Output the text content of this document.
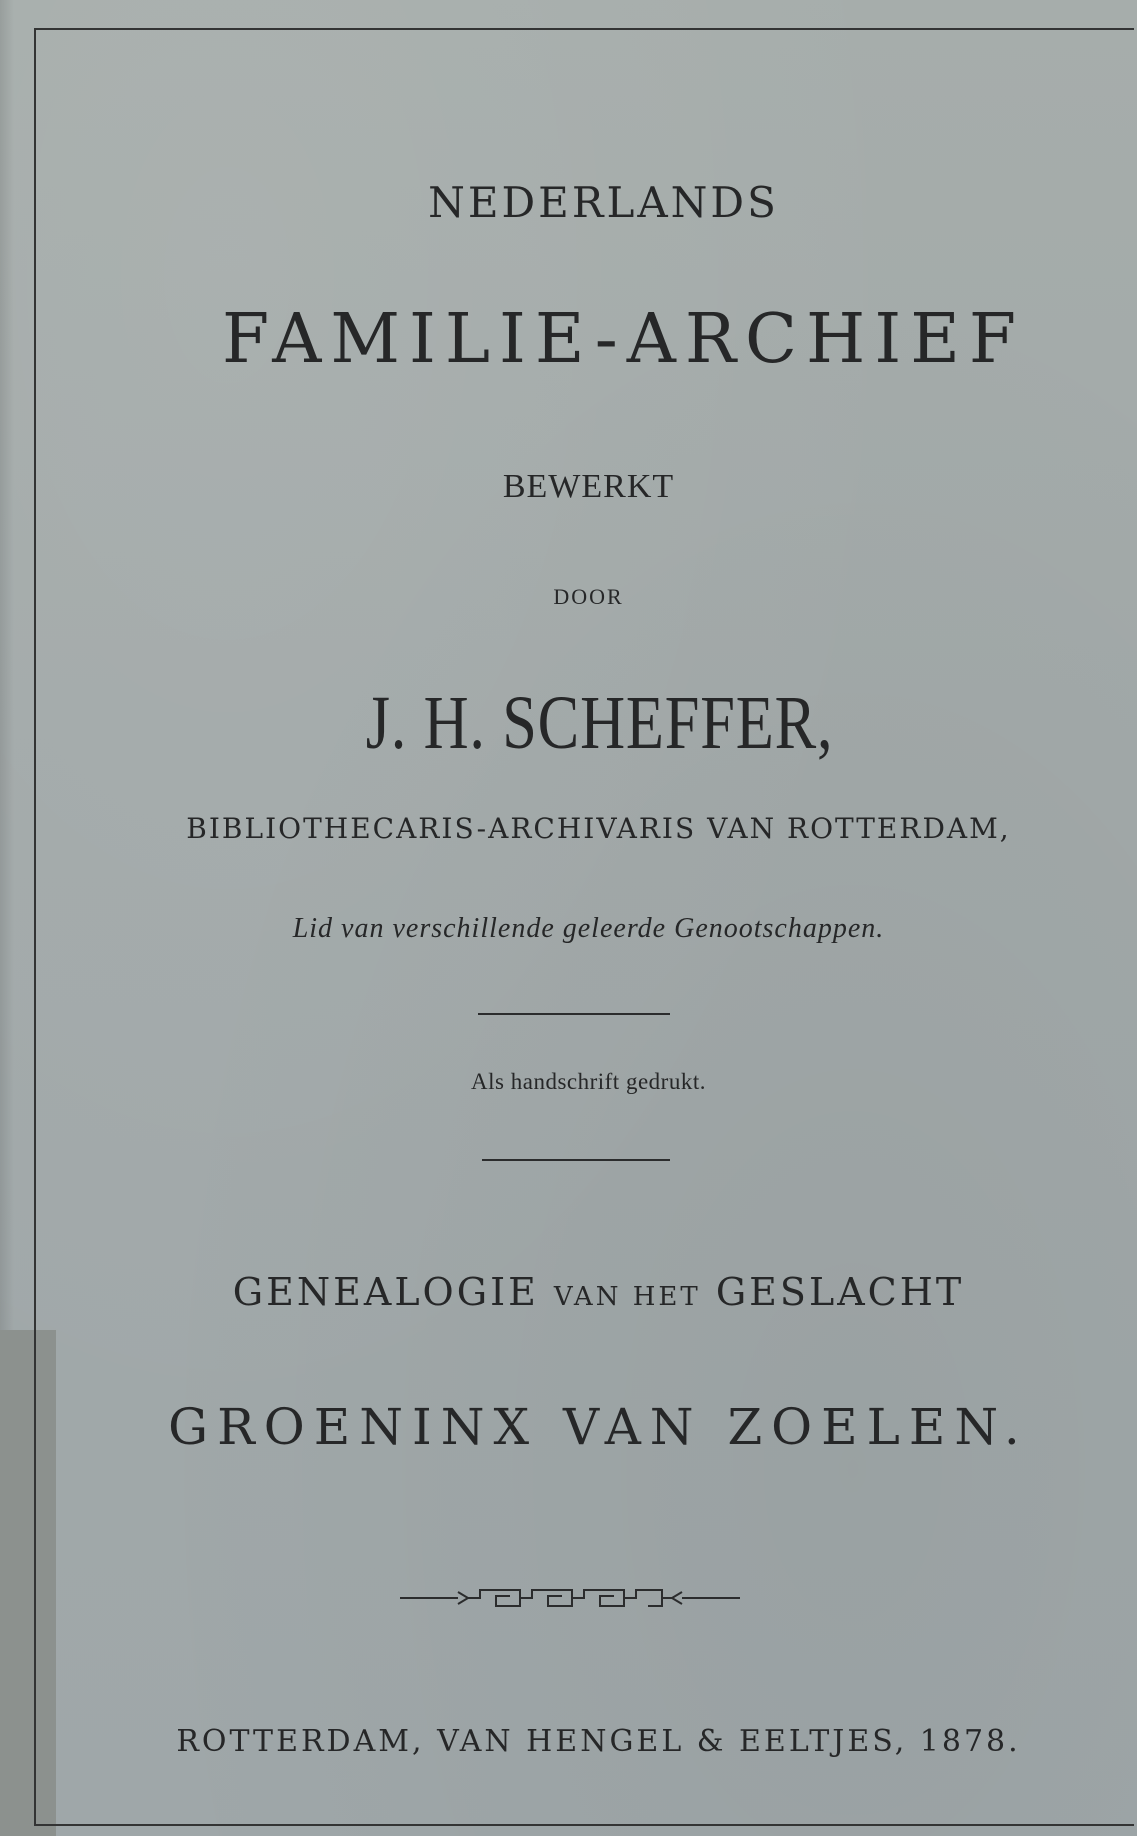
NEDERLANDS
FAMILIE-ARCHIEF
BEWERKT
DOOR
J. H. SCHEFFER,
BIBLIOTHECARIS-ARCHIVARIS VAN ROTTERDAM,
Lid van verschillende geleerde Genootschappen.
Als handschrift gedrukt.
GENEALOGIE VAN HET GESLACHT
GROENINX VAN ZOELEN.
ROTTERDAM, VAN HENGEL & EELTJES, 1878.
